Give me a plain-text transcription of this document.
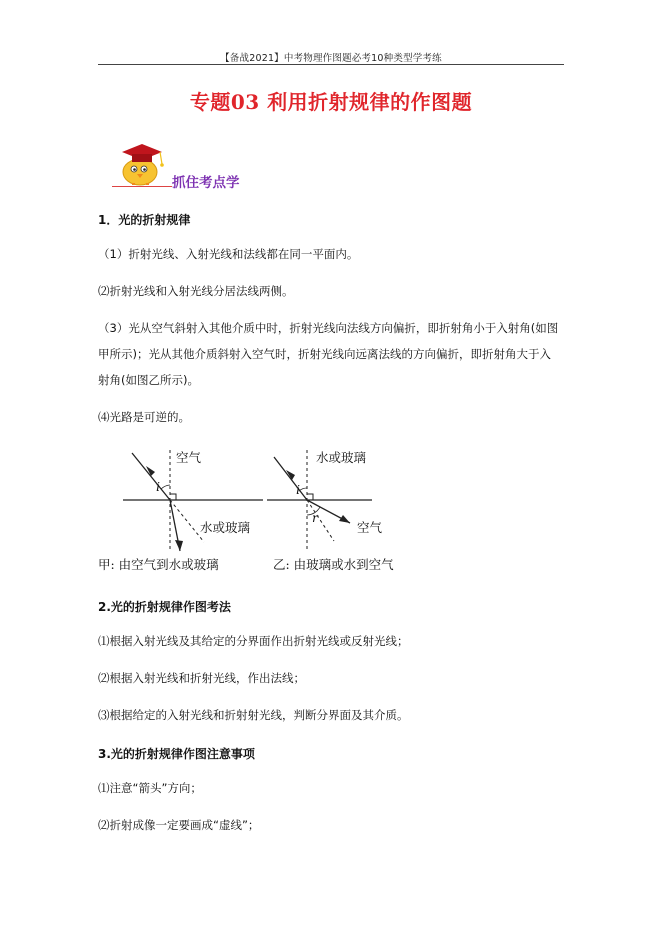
【备战2021】中考物理作图题必考10种类型学考练
专题03 利用折射规律的作图题
抓住考点学
1．光的折射规律
（1）折射光线、入射光线和法线都在同一平面内。
⑵折射光线和入射光线分居法线两侧。
（3）光从空气斜射入其他介质中时，折射光线向法线方向偏折，即折射角小于入射角(如图
甲所示)；光从其他介质斜射入空气时，折射光线向远离法线的方向偏折，即折射角大于入
射角(如图乙所示)。
⑷光路是可逆的。
空气
i
水或玻璃
甲: 由空气到水或玻璃
水或玻璃
i
r
空气
乙: 由玻璃或水到空气
2.光的折射规律作图考法
⑴根据入射光线及其给定的分界面作出折射光线或反射光线；
⑵根据入射光线和折射光线，作出法线；
⑶根据给定的入射光线和折射射光线，判断分界面及其介质。
3.光的折射规律作图注意事项
⑴注意“箭头”方向；
⑵折射成像一定要画成“虚线”；
